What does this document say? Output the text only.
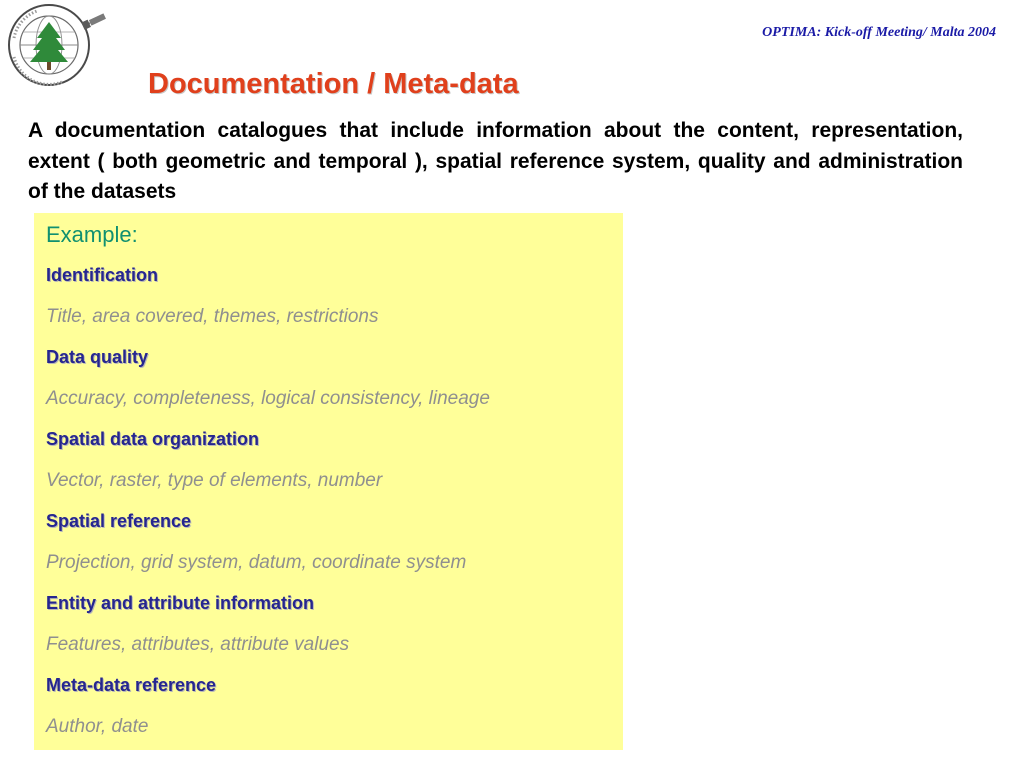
OPTIMA: Kick-off Meeting/ Malta 2004
Documentation / Meta-data

A documentation catalogues that include information about the content, representation, extent ( both geometric and temporal ), spatial reference system, quality and administration of the datasets

Example:
Identification
Title, area covered, themes, restrictions
Data quality
Accuracy, completeness, logical consistency, lineage
Spatial data organization
Vector, raster, type of elements, number
Spatial reference
Projection, grid system, datum, coordinate system
Entity and attribute information
Features, attributes, attribute values
Meta-data reference
Author, date
